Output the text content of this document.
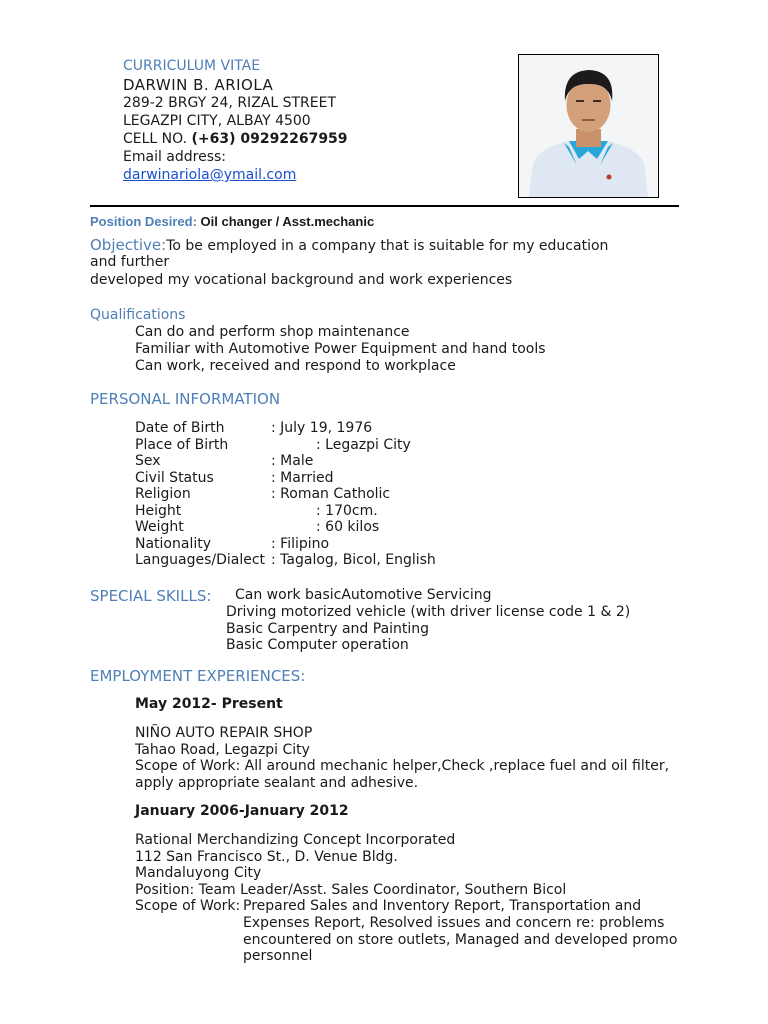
CURRICULUM VITAE
DARWIN B. ARIOLA
289-2 BRGY 24, RIZAL STREET
LEGAZPI CITY, ALBAY 4500
CELL NO. (+63) 09292267959
Email address:
darwinariola@ymail.com
Position Desired: Oil changer / Asst.mechanic
Objective:To be employed in a company that is suitable for my education
and further
developed my vocational background and work experiences
Qualifications
Can do and perform shop maintenance
Familiar with Automotive Power Equipment and hand tools
Can work, received and respond to workplace
PERSONAL INFORMATION
Date of Birth	: July 19, 1976
Place of Birth	: Legazpi City
Sex	: Male
Civil Status	: Married
Religion	: Roman Catholic
Height	: 170cm.
Weight	: 60 kilos
Nationality	: Filipino
Languages/Dialect : Tagalog, Bicol, English
SPECIAL SKILLS: Can work basicAutomotive Servicing
Driving motorized vehicle (with driver license code 1 & 2)
Basic Carpentry and Painting
Basic Computer operation
EMPLOYMENT EXPERIENCES:
May 2012- Present
NIÑO AUTO REPAIR SHOP
Tahao Road, Legazpi City
Scope of Work: All around mechanic helper,Check ,replace fuel and oil filter,
apply appropriate sealant and adhesive.
January 2006-January 2012
Rational Merchandizing Concept Incorporated
112 San Francisco St., D. Venue Bldg.
Mandaluyong City
Position: Team Leader/Asst. Sales Coordinator, Southern Bicol
Scope of Work: Prepared Sales and Inventory Report, Transportation and
Expenses Report, Resolved issues and concern re: problems
encountered on store outlets, Managed and developed promo
personnel
